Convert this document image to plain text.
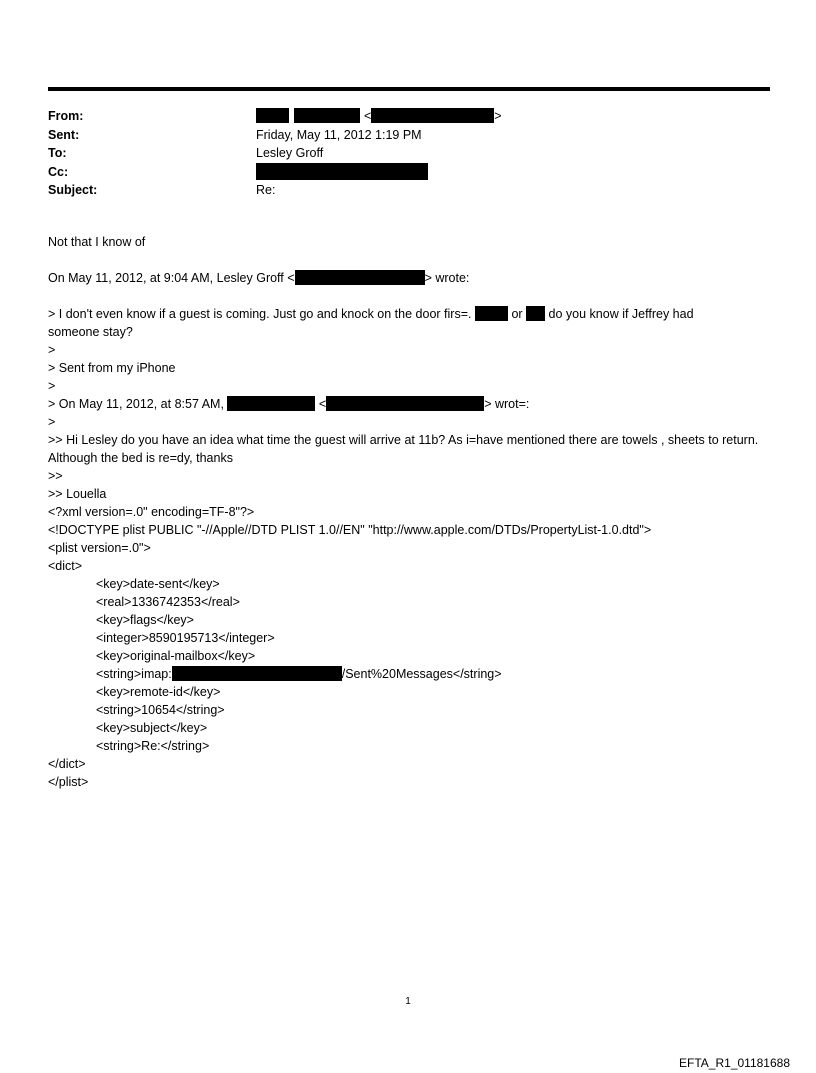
From:	<	>
Sent:	Friday, May 11, 2012 1:19 PM
To:	Lesley Groff
Cc:
Subject:	Re:
Not that I know of
On May 11, 2012, at 9:04 AM, Lesley Groff <	> wrote:
> I don't even know if a guest is coming. Just go and knock on the door firs=.	or do you know if Jeffrey had
someone stay?
>
> Sent from my iPhone
>
> On May 11, 2012, at 8:57 AM,	<	> wrot=:
>
>> Hi Lesley do you have an idea what time the guest will arrive at 11b? As i=have mentioned there are towels , sheets to return. Although the bed is re=dy, thanks
>>
>> Louella
<?xml version=.0" encoding=TF-8"?>
<!DOCTYPE plist PUBLIC "-//Apple//DTD PLIST 1.0//EN" "http://www.apple.com/DTDs/PropertyList-1.0.dtd">
<plist version=.0">
<dict>
<key>date-sent</key>
<real>1336742353</real>
<key>flags</key>
<integer>8590195713</integer>
<key>original-mailbox</key>
<string>imap:	/Sent%20Messages</string>
<key>remote-id</key>
<string>10654</string>
<key>subject</key>
<string>Re:</string>
</dict>
</plist>
1
EFTA_R1_01181688
